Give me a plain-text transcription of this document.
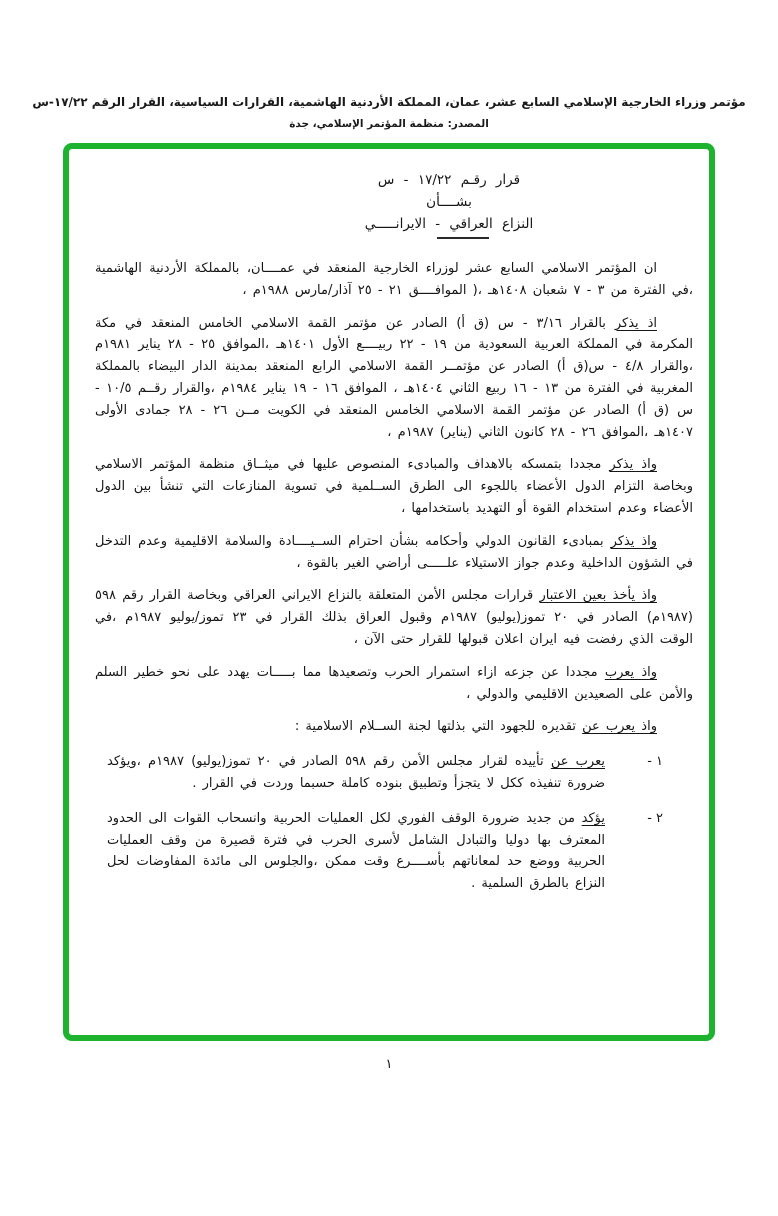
مؤتمر وزراء الخارجية الإسلامي السابع عشر، عمان، المملكة الأردنية الهاشمية، القرارات السياسية، القرار الرقم ١٧/٢٢-س
المصدر: منظمة المؤتمر الإسلامي، جدة
قرار رقـم ١٧/٢٢ - س
بشــــأن
النزاع العراقي - الايرانـــــي

ان المؤتمر الاسلامي السابع عشر لوزراء الخارجية المنعقد في عمــــان، بالمملكة الأردنية الهاشمية ،في الفترة من ٣ - ٧ شعبان ١٤٠٨هـ ،( الموافــــق ٢١ - ٢٥ آذار/مارس ١٩٨٨م ،

اذ يذكر بالقرار ٣/١٦ - س (ق أ) الصادر عن مؤتمر القمة الاسلامي الخامس المنعقد في مكة المكرمة في المملكة العربية السعودية من ١٩ - ٢٢ ربيــــع الأول ١٤٠١هـ ،الموافق ٢٥ - ٢٨ يناير ١٩٨١م ،والقرار ٤/٨ - س(ق أ) الصادر عن مؤتمــر القمة الاسلامي الرابع المنعقد بمدينة الدار البيضاء بالمملكة المغربية في الفترة من ١٣ - ١٦ ربيع الثاني ١٤٠٤هـ ، الموافق ١٦ - ١٩ يناير ١٩٨٤م ،والقرار رقــم ١٠/٥ - س (ق أ) الصادر عن مؤتمر القمة الاسلامي الخامس المنعقد في الكويت مــن ٢٦ - ٢٨ جمادى الأولى ١٤٠٧هـ ،الموافق ٢٦ - ٢٨ كانون الثاني (يناير) ١٩٨٧م ،

واذ يذكر مجددا بتمسكه بالاهداف والمبادىء المنصوص عليها في ميثــاق منظمة المؤتمر الاسلامي وبخاصة التزام الدول الأعضاء باللجوء الى الطرق الســلمية في تسوية المنازعات التي تنشأ بين الدول الأعضاء وعدم استخدام القوة أو التهديد باستخدامها ،

واذ يذكر بمبادىء القانون الدولي وأحكامه بشأن احترام الســيــــادة والسلامة الاقليمية وعدم التدخل في الشؤون الداخلية وعدم جواز الاستيلاء علـــــى أراضي الغير بالقوة ،

واذ يأخذ بعين الاعتبار قرارات مجلس الأمن المتعلقة بالنزاع الايراني العراقي وبخاصة القرار رقم ٥٩٨ (١٩٨٧م) الصادر في ٢٠ تموز(يوليو) ١٩٨٧م وقبول العراق بذلك القرار في ٢٣ تموز/يوليو ١٩٨٧م ،في الوقت الذي رفضت فيه ايران اعلان قبولها للقرار حتى الآن ،

واذ يعرب مجددا عن جزعه ازاء استمرار الحرب وتصعيدها مما بـــــات يهدد على نحو خطير السلم والأمن على الصعيدين الاقليمي والدولي ،

واذ يعرب عن تقديره للجهود التي بذلتها لجنة الســلام الاسلامية :

١ -
يعرب عن تأييده لقرار مجلس الأمن رقم ٥٩٨ الصادر في ٢٠ تموز(يوليو) ١٩٨٧م ،ويؤكد ضرورة تنفيذه ككل لا يتجزأ وتطبيق بنوده كاملة حسبما وردت في القرار .
٢ -
يؤكد من جديد ضرورة الوقف الفوري لكل العمليات الحربية وانسحاب القوات الى الحدود المعترف بها دوليا والتبادل الشامل لأسرى الحرب في فترة قصيرة من وقف العمليات الحربية ووضع حد لمعاناتهم بأســــرع وقت ممكن ،والجلوس الى مائدة المفاوضات لحل النزاع بالطرق السلمية .
١
